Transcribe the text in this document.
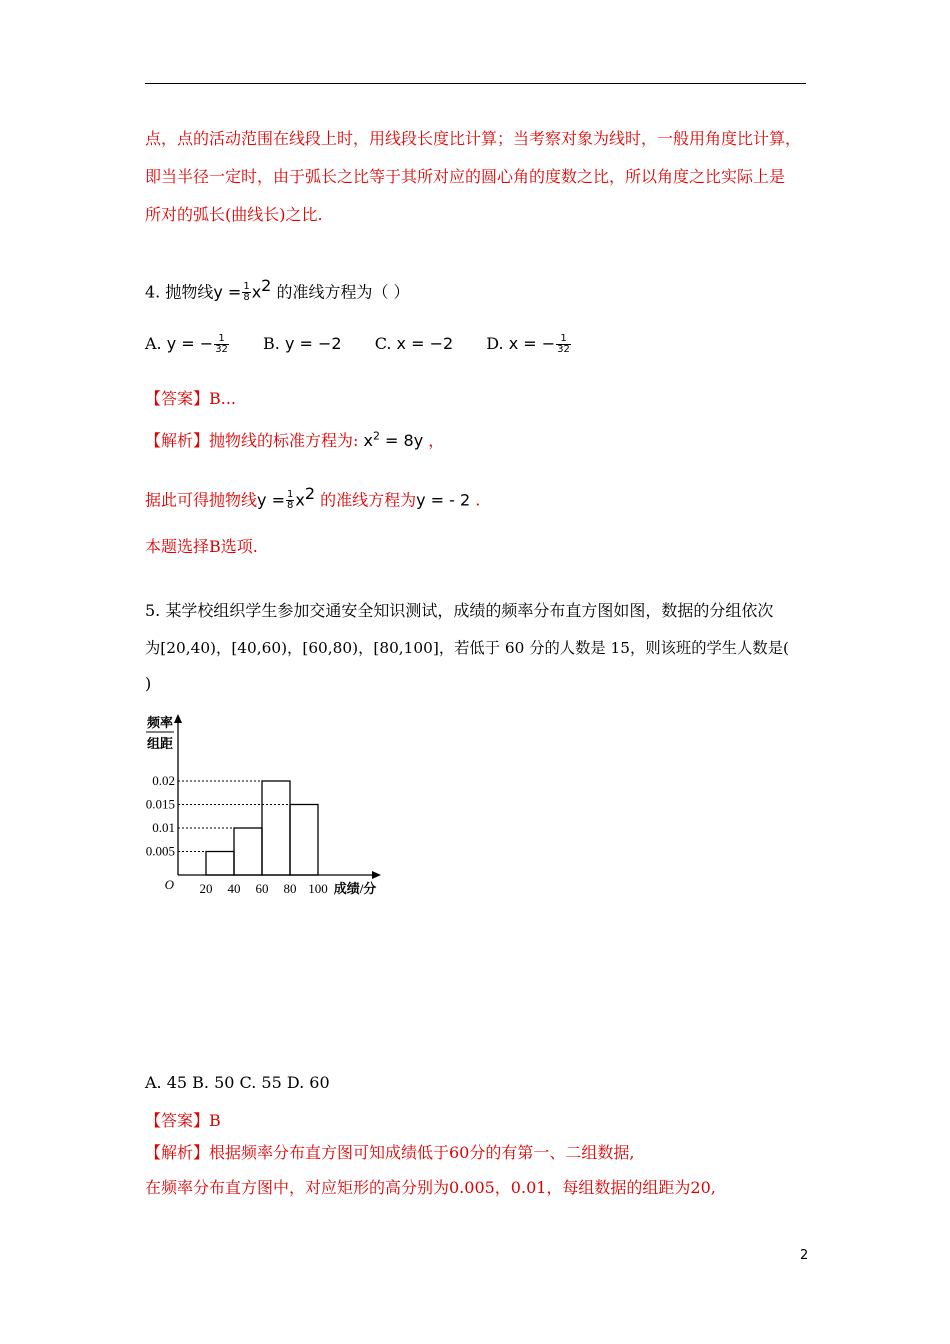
点，点的活动范围在线段上时，用线段长度比计算；当考察对象为线时，一般用角度比计算，
即当半径一定时，由于弧长之比等于其所对应的圆心角的度数之比，所以角度之比实际上是
所对的弧长(曲线长)之比.
4. 抛物线$y = \frac{1}{8} x^2$ 的准线方程为（ ）
A. y = − $\frac{1}{32} B$. y = −2 C. x = −2 D. x = − $\frac{1}{32}$
【答案】B...
【解析】抛物线的标准方程为: $x^2 = 8y$ ，
据此可得抛物线$y = \frac{1}{8} x^2$ 的准线方程为y = - 2 .
本题选择B选项.
5. 某学校组织学生参加交通安全知识测试，成绩的频率分布直方图如图，数据的分组依次
为[20,40)，[40,60)，[60,80)，[80,100]，若低于 60 分的人数是 15，则该班的学生人数是(
)
频率
组距
O	成绩/分
20 40 60 80 100
0.005
0.01
0.015
0.02
A. 45 B. 50 C. 55 D. 60
【答案】B
【解析】根据频率分布直方图可知成绩低于60分的有第一、二组数据,
在频率分布直方图中，对应矩形的高分别为0.005，0.01，每组数据的组距为20,
2
